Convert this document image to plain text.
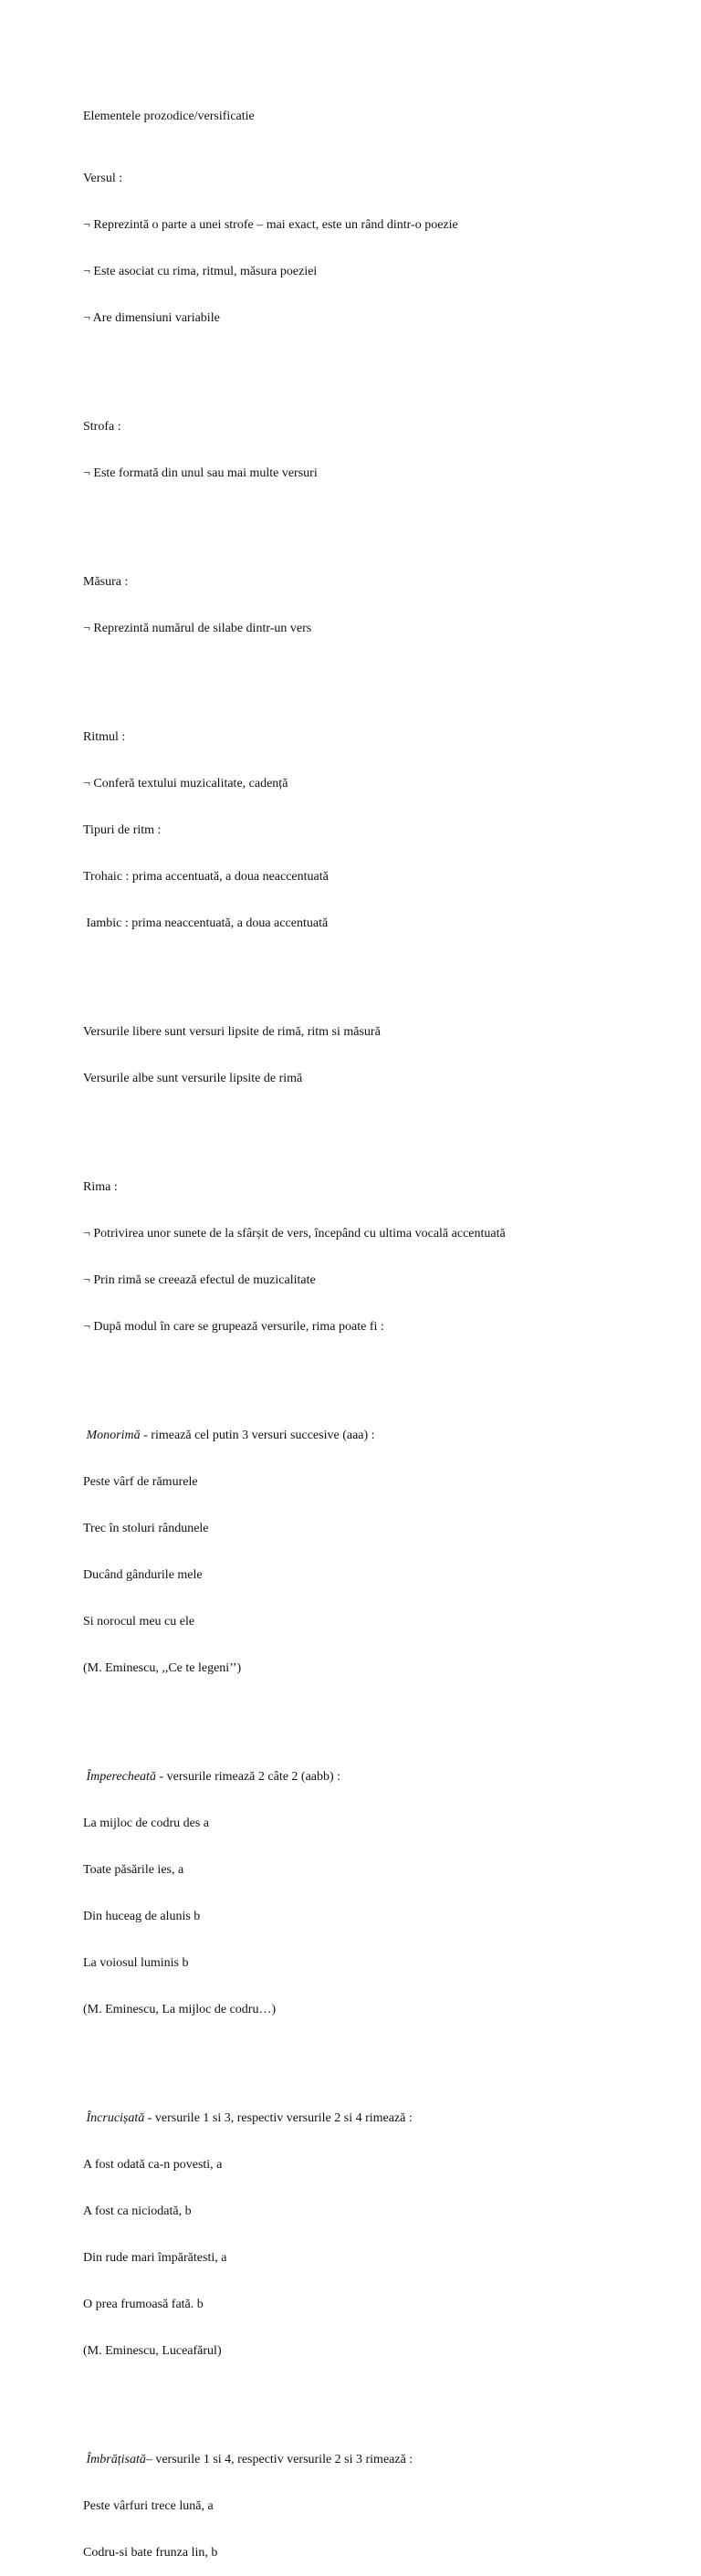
Elementele prozodice/versificatie

Versul :

¬ Reprezintă o parte a unei strofe – mai exact, este un rând dintr-o poezie

¬ Este asociat cu rima, ritmul, măsura poeziei

¬ Are dimensiuni variabile

Strofa :

¬ Este formată din unul sau mai multe versuri

Măsura :

¬ Reprezintă numărul de silabe dintr-un vers

Ritmul :

¬ Conferă textului muzicalitate, cadență

Tipuri de ritm :

Trohaic : prima accentuată, a doua neaccentuată

Iambic : prima neaccentuată, a doua accentuată

Versurile libere sunt versuri lipsite de rimă, ritm si măsură

Versurile albe sunt versurile lipsite de rimă

Rima :

¬ Potrivirea unor sunete de la sfârșit de vers, începând cu ultima vocală accentuată

¬ Prin rimă se creează efectul de muzicalitate

¬ După modul în care se grupează versurile, rima poate fi :

Monorimă - rimează cel putin 3 versuri succesive (aaa) :

Peste vârf de rămurele

Trec în stoluri rândunele

Ducând gândurile mele

Si norocul meu cu ele

(M. Eminescu, ,,Ce te legeni’’)

Împerecheată - versurile rimează 2 câte 2 (aabb) :

La mijloc de codru des a

Toate păsările ies, a

Din huceag de alunis b

La voiosul luminis b

(M. Eminescu, La mijloc de codru…)

Încrucișată - versurile 1 si 3, respectiv versurile 2 si 4 rimează :

A fost odată ca-n povesti, a

A fost ca niciodată, b

Din rude mari împărătesti, a

O prea frumoasă fată. b

(M. Eminescu, Luceafărul)

Îmbrățisată– versurile 1 si 4, respectiv versurile 2 si 3 rimează :

Peste vârfuri trece lună, a

Codru-si bate frunza lin, b
